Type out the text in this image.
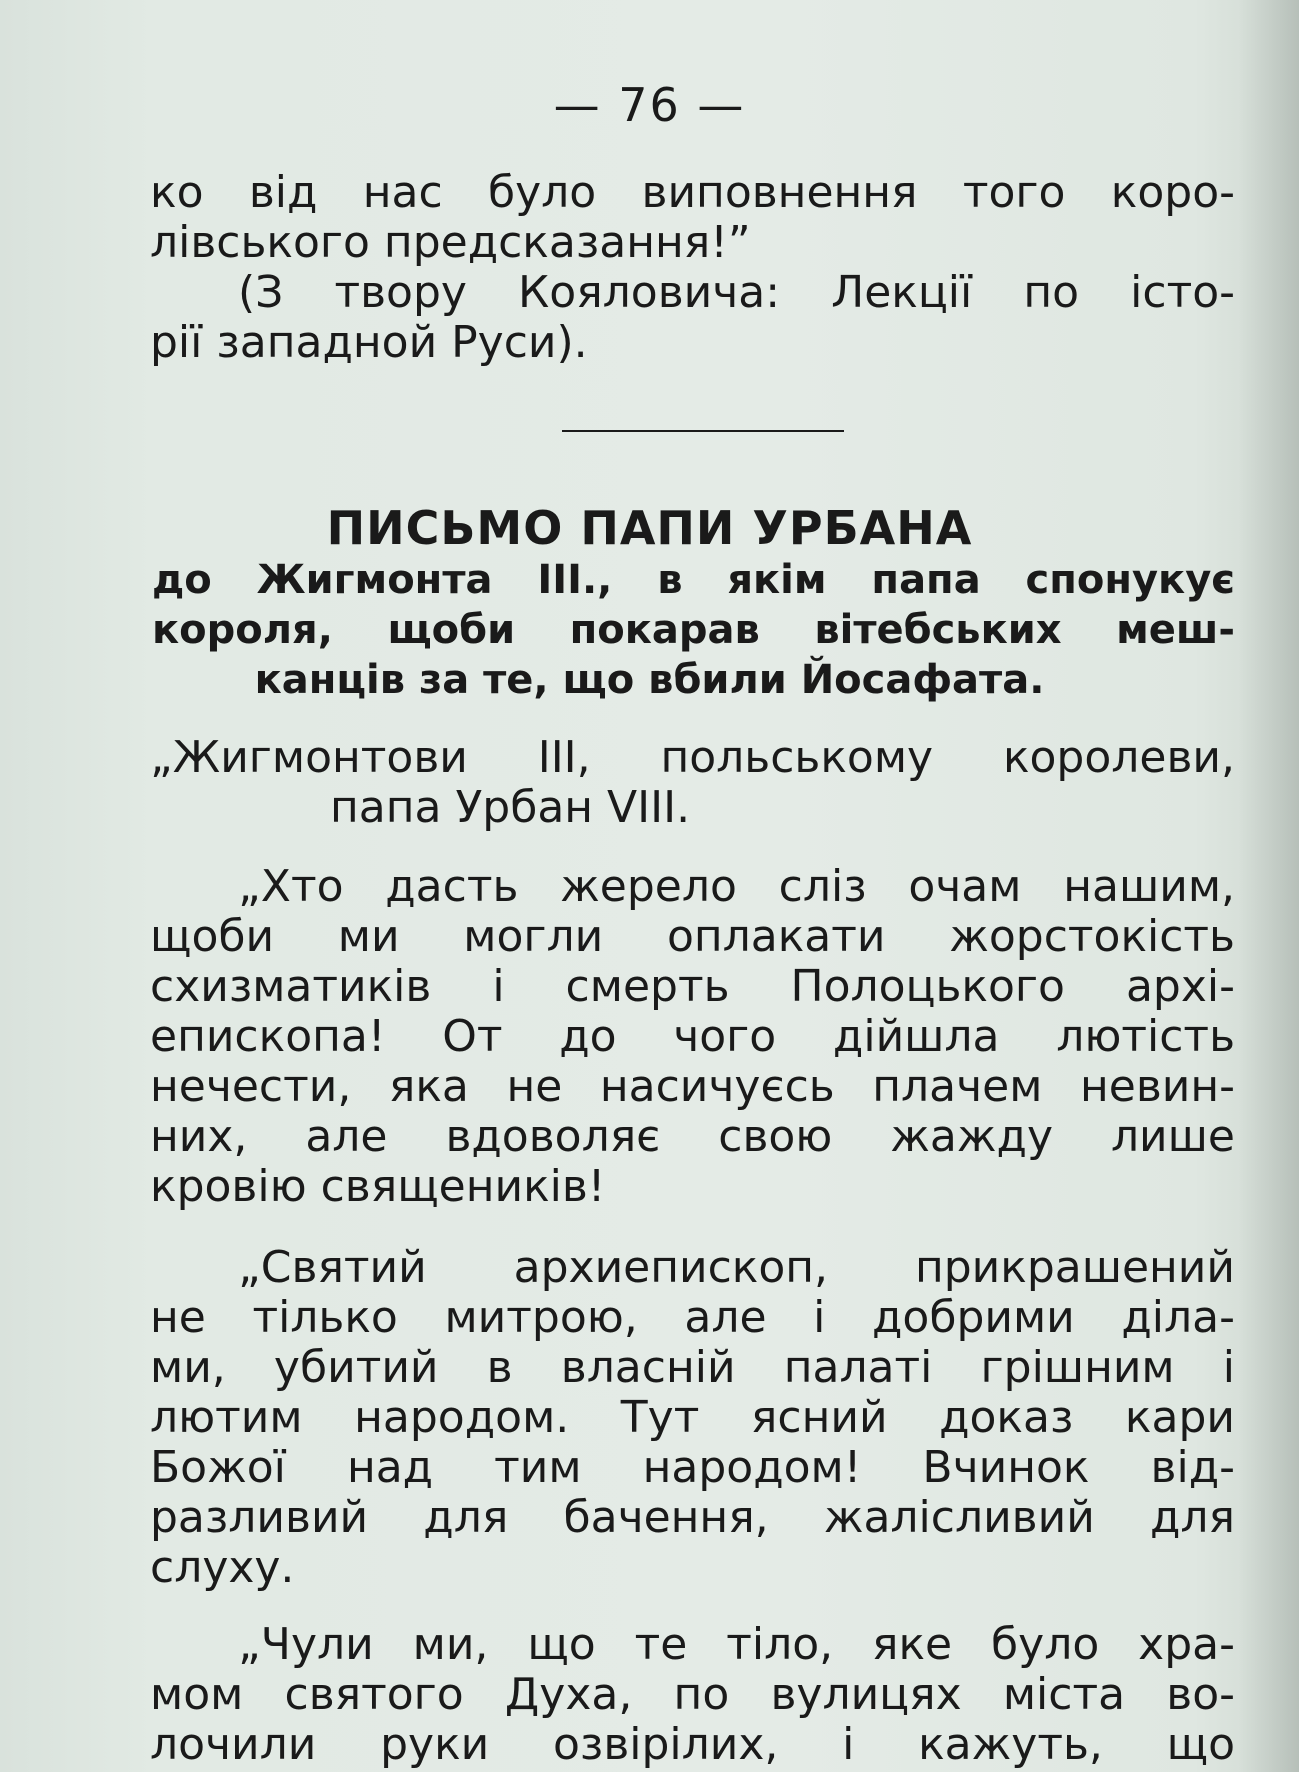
— 76 —
ко від нас було виповнення того коро-
лівського предсказання!”
(З твору Кояловича: Лекції по істо-
рії западной Руси).
ПИСЬМО ПАПИ УРБАНА
до Жигмонта III., в якім папа спонукує
короля, щоби покарав вітебських меш-
канців за те, що вбили Йосафата.
„Жигмонтови III, польському королеви,
папа Урбан VIII.
„Хто дасть жерело сліз очам нашим,
щоби ми могли оплакати жорстокість
схизматиків і смерть Полоцького архі-
епископа! От до чого дійшла лютість
нечести, яка не насичуєсь плачем невин-
них, але вдоволяє свою жажду лише
кровію священиків!
„Святий архиепископ, прикрашений
не тілько митрою, але і добрими діла-
ми, убитий в власній палаті грішним і
лютим народом. Тут ясний доказ кари
Божої над тим народом! Вчинок від-
разливий для бачення, жалісливий для
слуху.
„Чули ми, що те тіло, яке було хра-
мом святого Духа, по вулицях міста во-
лочили руки озвірілих, і кажуть, що
